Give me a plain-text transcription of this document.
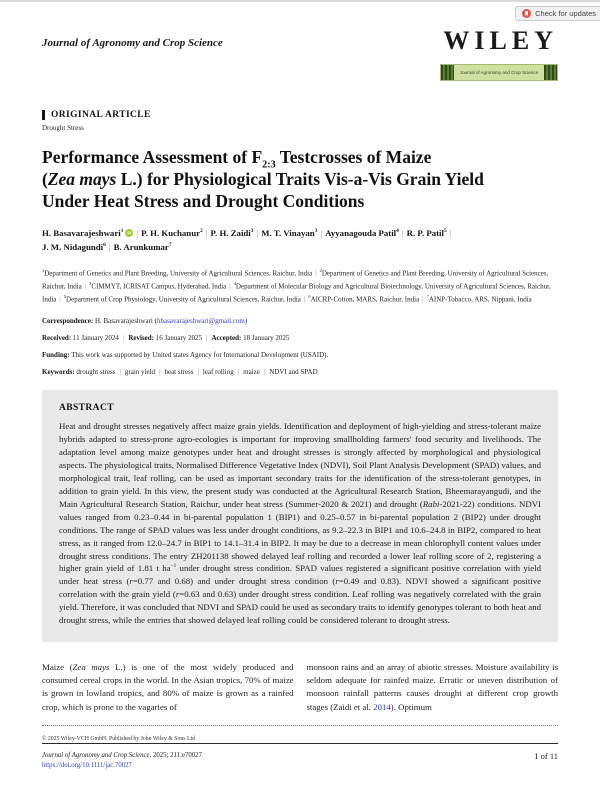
Check for updates
Journal of Agronomy and Crop Science	WILEY
Journal of Agronomy and Crop Science
ORIGINAL ARTICLE
Drought Stress
Performance Assessment of $F_{2:3}$ Testcrosses of Maize
(Zea mays L.) for Physiological Traits Vis-a-Vis Grain Yield
Under Heat Stress and Drought Conditions
H. Basavarajeshwari$^1$ iD | P. H. Kuchanur$^2$ | P. H. Zaidi$^3$ | M. T. Vinayan$^3$ | Ayyanagouda Patil$^4$ | R. P. Patil$^5$ |
J. M. Nidagundi$^6$ | B. Arunkumar$^7$
$^1$Department of Genetics and Plant Breeding, University of Agricultural Sciences, Raichur, India | $^2$Department of Genetics and Plant Breeding, University of Agricultural Sciences, Raichur, India | $^3$CIMMYT, ICRISAT Campus, Hyderabad, India | $^4$Department of Molecular Biology and Agricultural Biotechnology, University of Agricultural Sciences, Raichur, India | $^5$Department of Crop Physiology, University of Agricultural Sciences, Raichur, India | $^6$AICRP-Cotton, MARS, Raichur, India | $^7$AINP-Tobacco, ARS, Nippani, India
Correspondence: H. Basavarajeshwari (hbasavarajeshwari@gmail.com)
Received: 11 January 2024 | Revised: 16 January 2025 | Accepted: 18 January 2025
Funding: This work was supported by United states Agency for International Development (USAID).
Keywords: drought stress | grain yield | heat stress | leaf rolling | maize | NDVI and SPAD
ABSTRACT

Heat and drought stresses negatively affect maize grain yields. Identification and deployment of high-yielding and stress-tolerant maize hybrids adapted to stress-prone agro-ecologies is important for improving smallholding farmers' food security and livelihoods. The adaptation level among maize genotypes under heat and drought stresses is strongly affected by morphological and physiological aspects. The physiological traits, Normalised Difference Vegetative Index (NDVI), Soil Plant Analysis Development (SPAD) values, and morphological trait, leaf rolling, can be used as important secondary traits for the identification of the stress-tolerant genotypes, in addition to grain yield. In this view, the present study was conducted at the Agricultural Research Station, Bheemarayangudi, and the Main Agricultural Research Station, Raichur, under heat stress (Summer-2020 & 2021) and drought (Rabi-2021-22) conditions. NDVI values ranged from 0.23–0.44 in bi-parental population 1 (BIP1) and 0.25–0.57 in bi-parental population 2 (BIP2) under drought conditions. The range of SPAD values was less under drought conditions, as 9.2–22.3 in BIP1 and 10.6–24.8 in BIP2, compared to heat stress, as it ranged from 12.0–24.7 in BIP1 to 14.1–31.4 in BIP2. It may be due to a decrease in mean chlorophyll content values under drought stress conditions. The entry ZH201138 showed delayed leaf rolling and recorded a lower leaf rolling score of 2, registering a higher grain yield of 1.81 t $ha^{-1}$ under drought stress condition. SPAD values registered a significant positive correlation with yield under heat stress (r=0.77 and 0.68) and under drought stress condition (r=0.49 and 0.83). NDVI showed a significant positive correlation with the grain yield (r=0.63 and 0.63) under drought stress condition. Leaf rolling was negatively correlated with the grain yield. Therefore, it was concluded that NDVI and SPAD could be used as secondary traits to identify genotypes tolerant to both heat and drought stress, while the entries that showed delayed leaf rolling could be considered tolerant to drought stress.

Maize (Zea mays L.) is one of the most widely produced and consumed cereal crops in the world. In the Asian tropics, 70% of maize is grown in lowland tropics, and 80% of maize is grown as a rainfed crop, which is prone to the vagaries of
monsoon rains and an array of abiotic stresses. Moisture availability is seldom adequate for rainfed maize. Erratic or uneven distribution of monsoon rainfall patterns causes drought at different crop growth stages (Zaidi et al. 2014). Optimum
© 2025 Wiley-VCH GmbH. Published by John Wiley & Sons Ltd
Journal of Agronomy and Crop Science, 2025; 211:e70027
https://doi.org/10.1111/jac.70027
1 of 11
